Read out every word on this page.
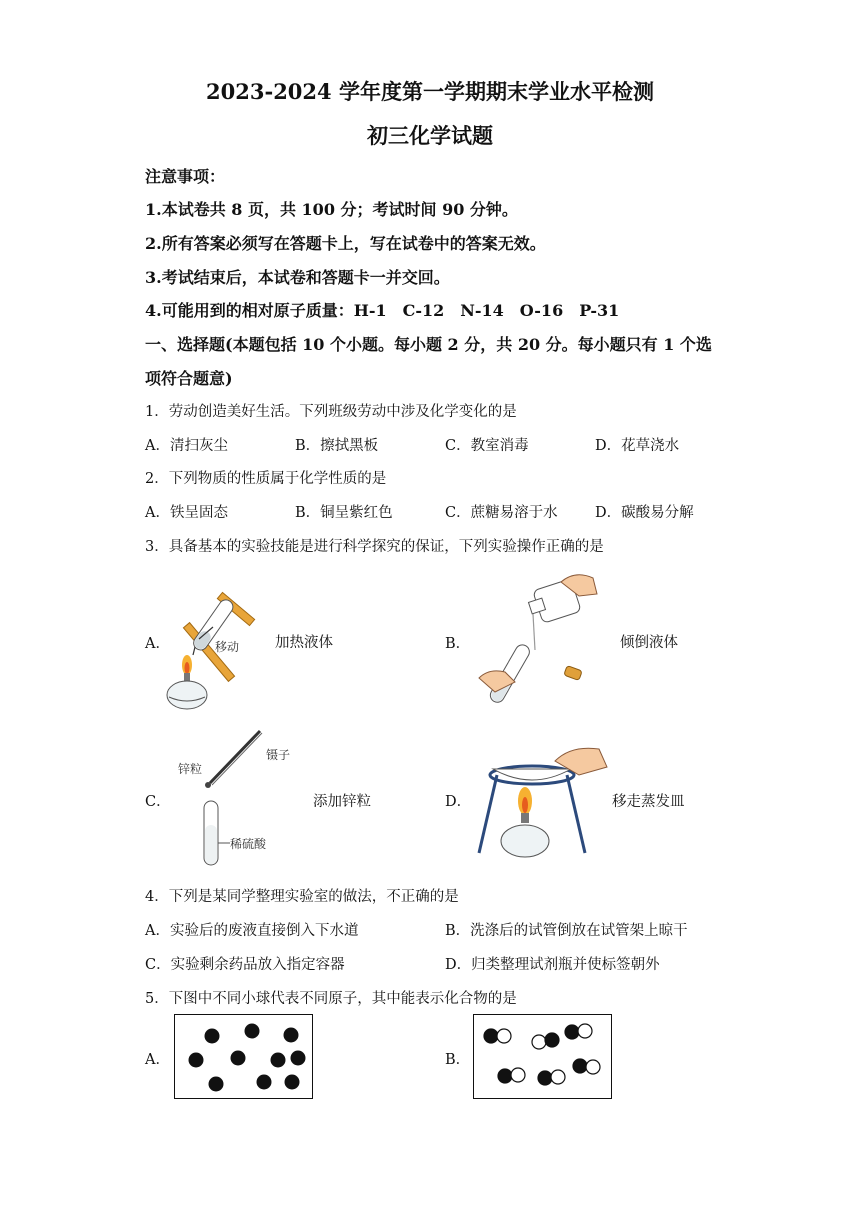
2023-2024 学年度第一学期期末学业水平检测
初三化学试题
注意事项：
1.本试卷共 8 页，共 100 分；考试时间 90 分钟。
2.所有答案必须写在答题卡上，写在试卷中的答案无效。
3.考试结束后，本试卷和答题卡一并交回。
4.可能用到的相对原子质量：H-1　C-12　N-14　O-16　P-31
一、选择题(本题包括 10 个小题。每小题 2 分，共 20 分。每小题只有 1 个选
项符合题意)
1．劳动创造美好生活。下列班级劳动中涉及化学变化的是
A．清扫灰尘	B．擦拭黑板	C．教室消毒	D．花草浇水
2．下列物质的性质属于化学性质的是
A．铁呈固态	B．铜呈紫红色	C．蔗糖易溶于水	D．碳酸易分解
3．具备基本的实验技能是进行科学探究的保证，下列实验操作正确的是
A．	移动 加热液体	B．	倾倒液体
C．
锌粒
镊子
稀硫酸
添加锌粒	D．	移走蒸发皿
4．下列是某同学整理实验室的做法，不正确的是
A．实验后的废液直接倒入下水道	B．洗涤后的试管倒放在试管架上晾干
C．实验剩余药品放入指定容器	D．归类整理试剂瓶并使标签朝外
5．下图中不同小球代表不同原子，其中能表示化合物的是
A．	B．
